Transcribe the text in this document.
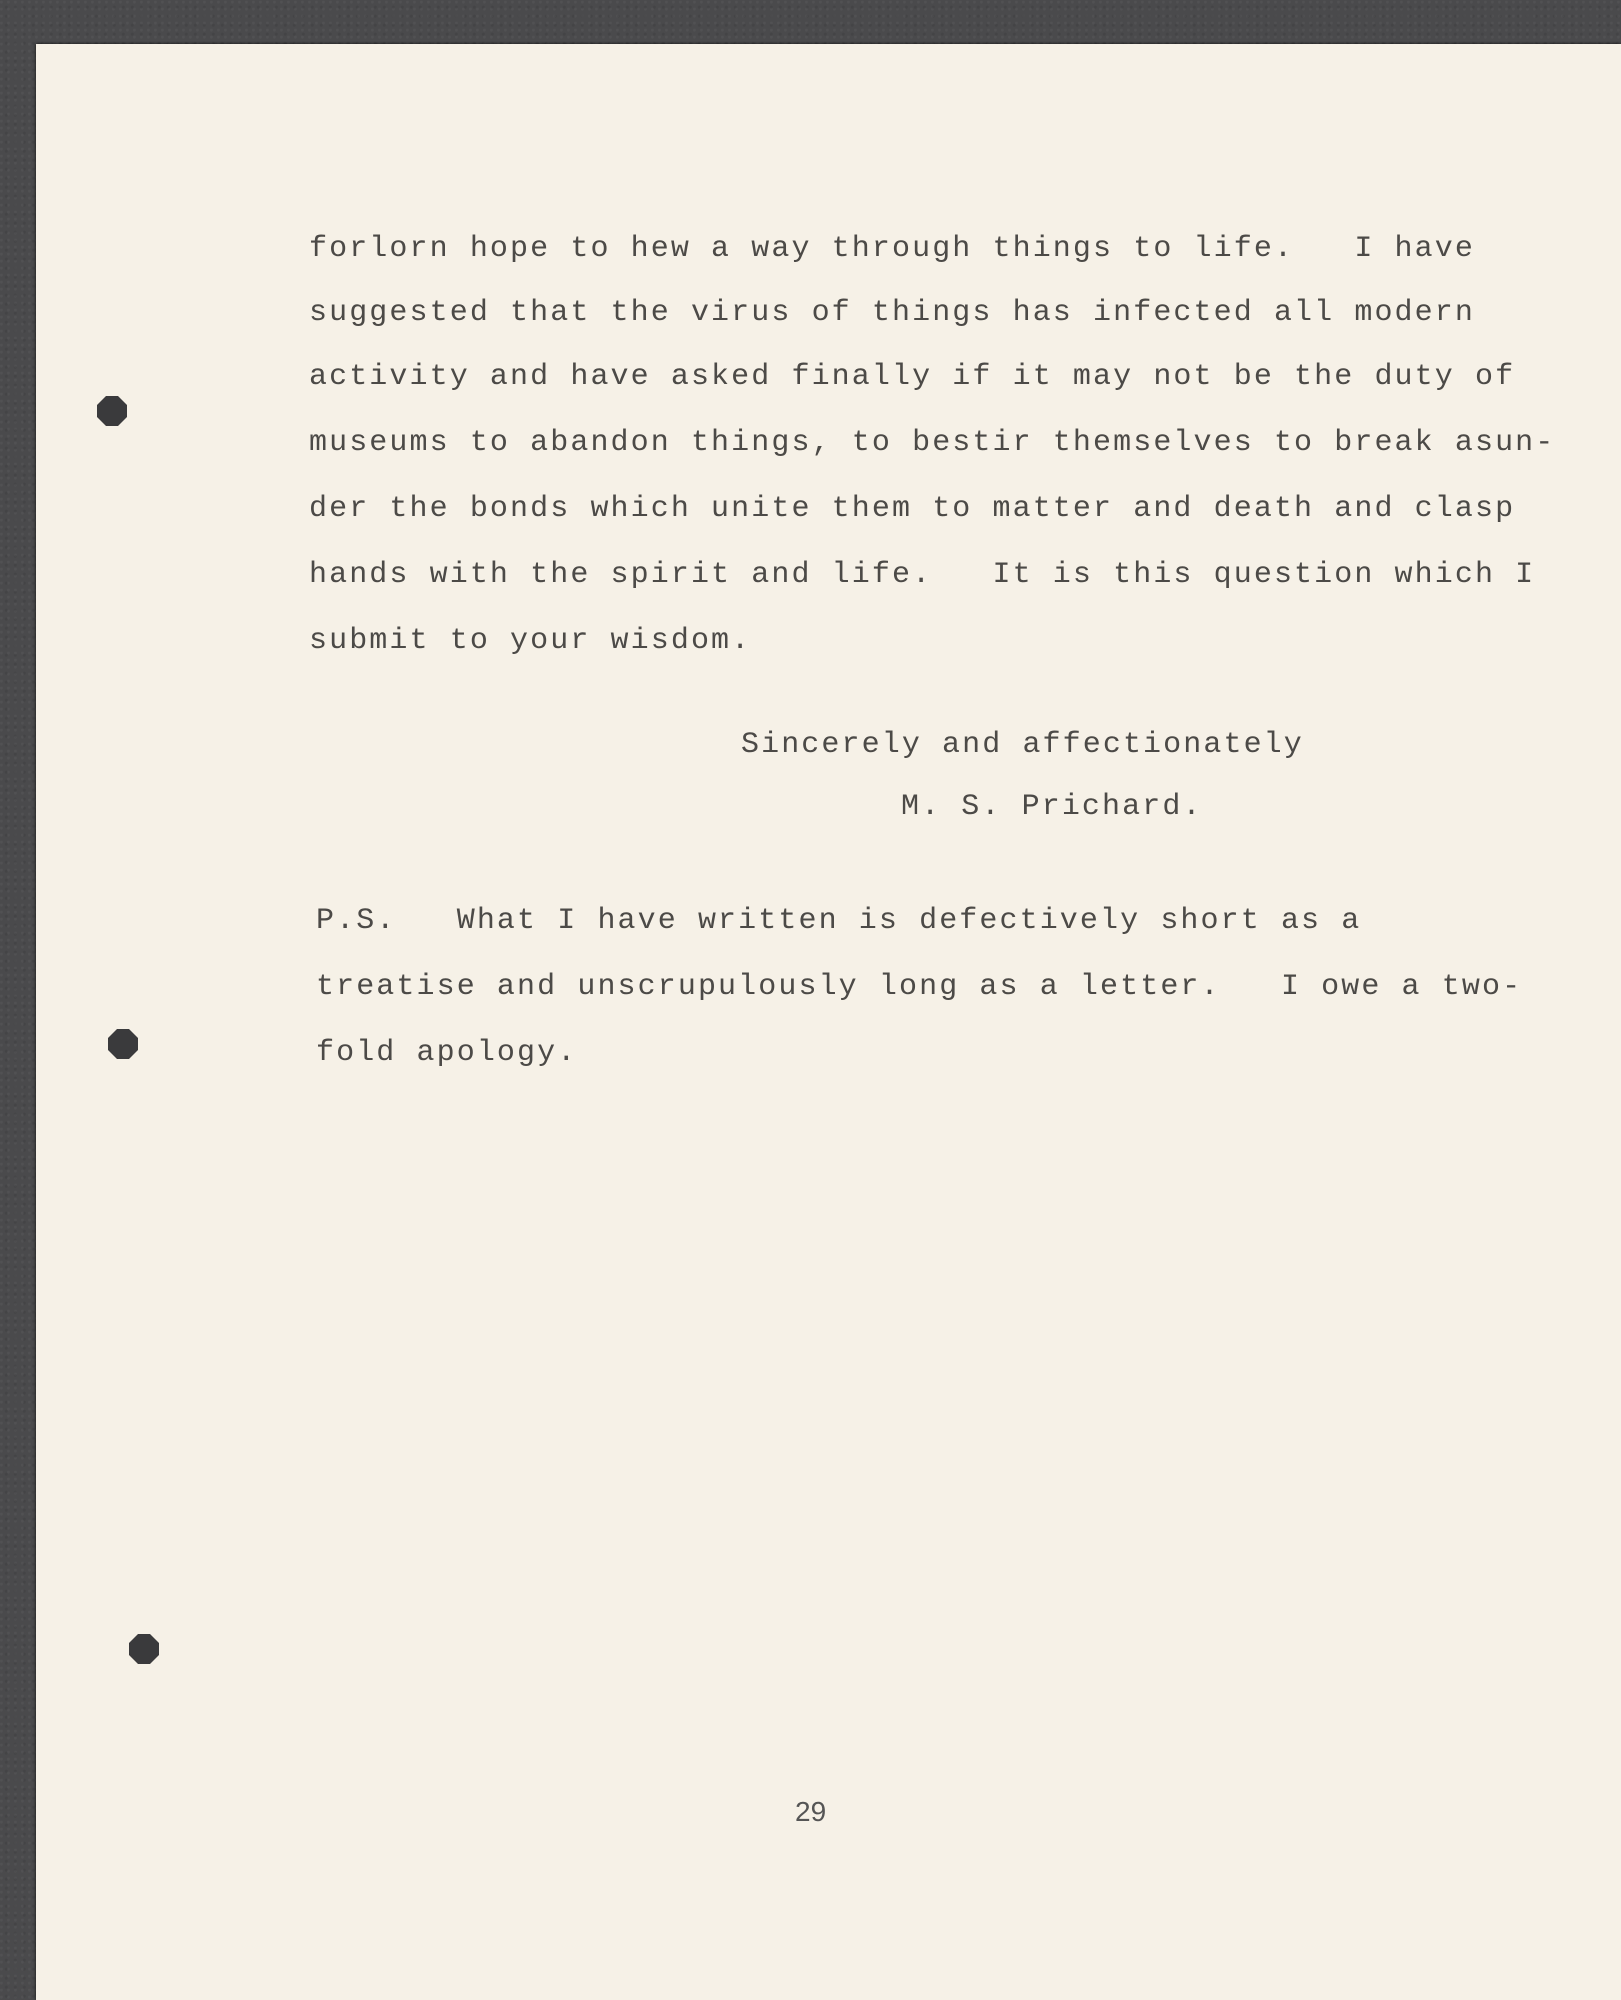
forlorn hope to hew a way through things to life.   I have
suggested that the virus of things has infected all modern
activity and have asked finally if it may not be the duty of
museums to abandon things, to bestir themselves to break asun-
der the bonds which unite them to matter and death and clasp
hands with the spirit and life.   It is this question which I
submit to your wisdom.
Sincerely and affectionately
M. S. Prichard.
P.S.   What I have written is defectively short as a
treatise and unscrupulously long as a letter.   I owe a two-
fold apology.
29
